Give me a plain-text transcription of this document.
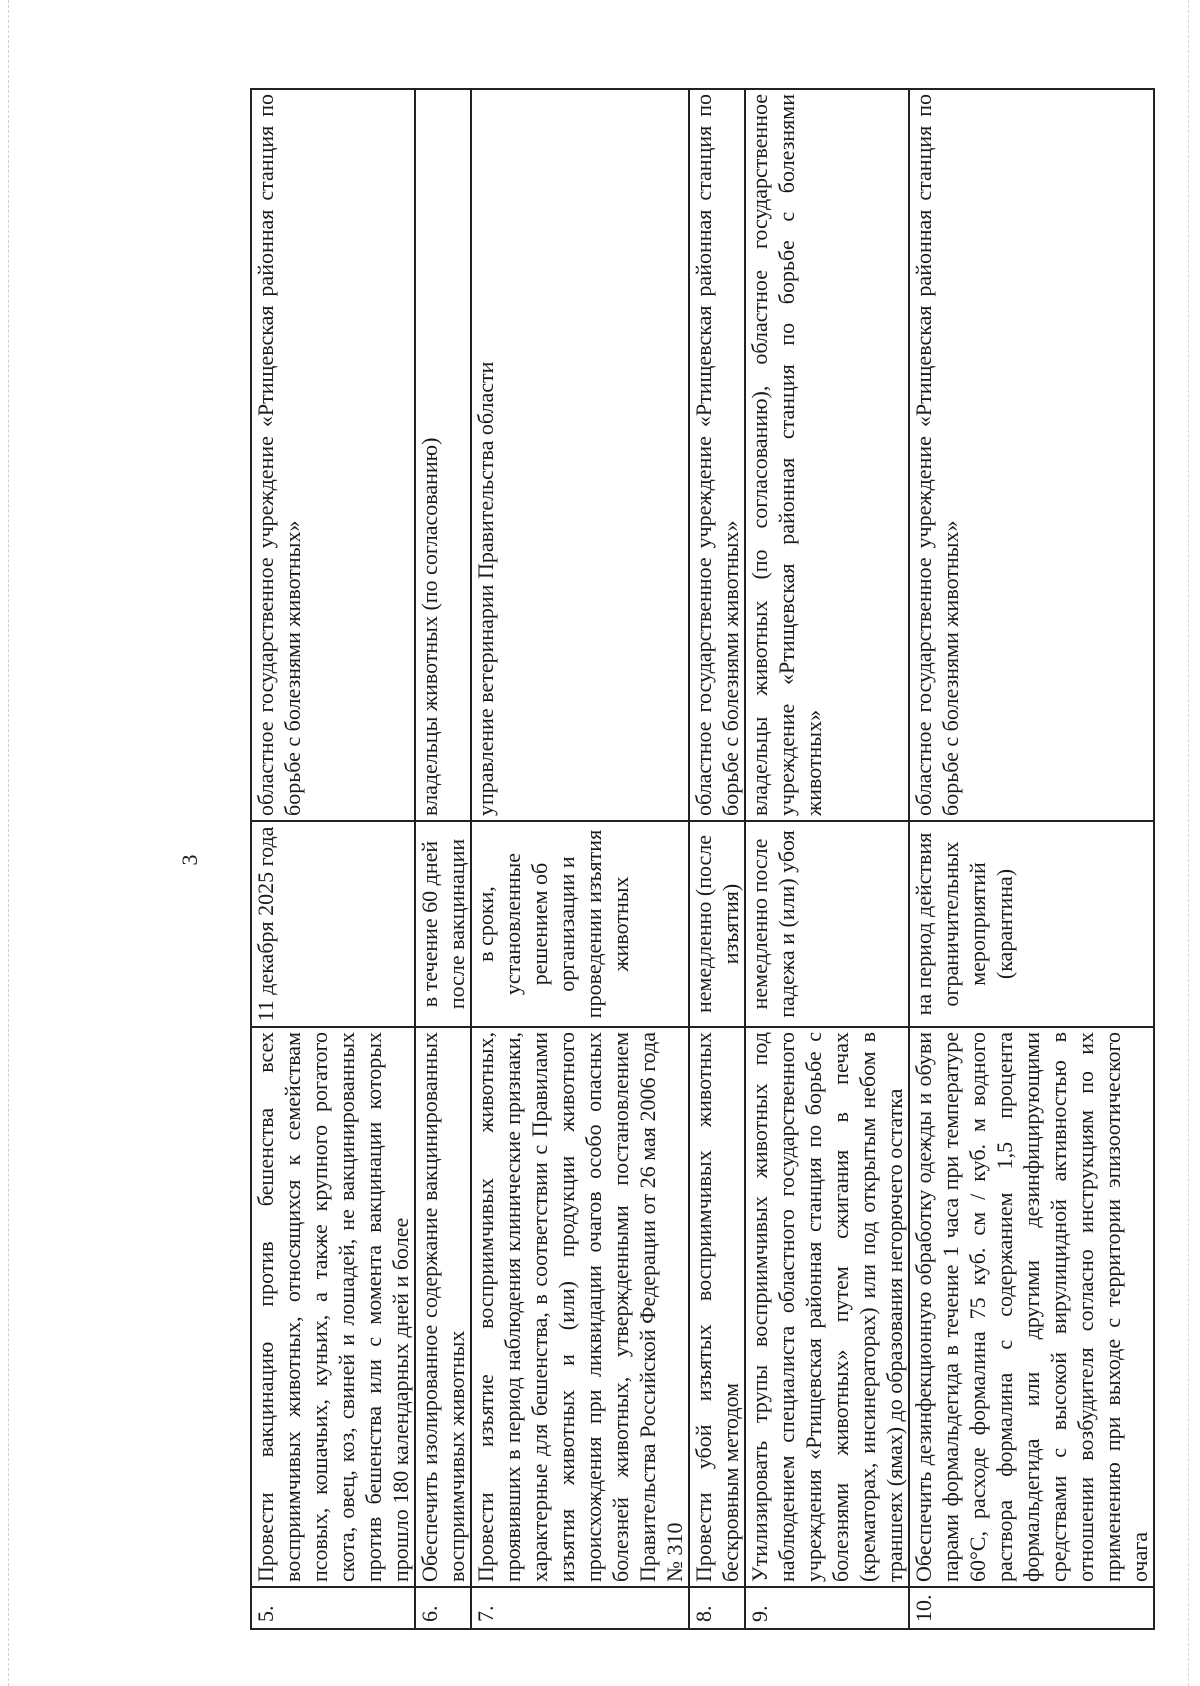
3
5.	Провести вакцинацию против бешенства всех восприимчивых животных, относящихся к семействам псовых, кошачьих, куньих, а также крупного рогатого скота, овец, коз, свиней и лошадей, не вакцинированных против бешенства или с момента вакцинации которых прошло 180 календарных дней и более	11 декабря 2025 года	областное государственное учреждение «Ртищевская районная станция по борьбе с болезнями животных»
6.	Обеспечить изолированное содержание вакцинированных восприимчивых животных	в течение 60 дней после вакцинации	владельцы животных (по согласованию)
7.	Провести изъятие восприимчивых животных, проявивших в период наблюдения клинические признаки, характерные для бешенства, в соответствии с Правилами изъятия животных и (или) продукции животного происхождения при ликвидации очагов особо опасных болезней животных, утвержденными постановлением Правительства Российской Федерации от 26 мая 2006 года № 310	в сроки, установленные решением об организации и проведении изъятия животных	управление ветеринарии Правительства области
8.	Провести убой изъятых восприимчивых животных бескровным методом	немедленно (после изъятия)	областное государственное учреждение «Ртищевская районная станция по борьбе с болезнями животных»
9.	Утилизировать трупы восприимчивых животных под наблюдением специалиста областного государственного учреждения «Ртищевская районная станция по борьбе с болезнями животных» путем сжигания в печах (крематорах, инсинераторах) или под открытым небом в траншеях (ямах) до образования негорючего остатка	немедленно после падежа и (или) убоя	владельцы животных (по согласованию), областное государственное учреждение «Ртищевская районная станция по борьбе с болезнями животных»
10.	Обеспечить дезинфекционную обработку одежды и обуви парами формальдегида в течение 1 часа при температуре 60°С, расходе формалина 75 куб. см / куб. м водного раствора формалина с содержанием 1,5 процента формальдегида или другими дезинфицирующими средствами с высокой вирулицидной активностью в отношении возбудителя согласно инструкциям по их применению при выходе с территории эпизоотического очага	на период действия ограничительных мероприятий (карантина)	областное государственное учреждение «Ртищевская районная станция по борьбе с болезнями животных»
